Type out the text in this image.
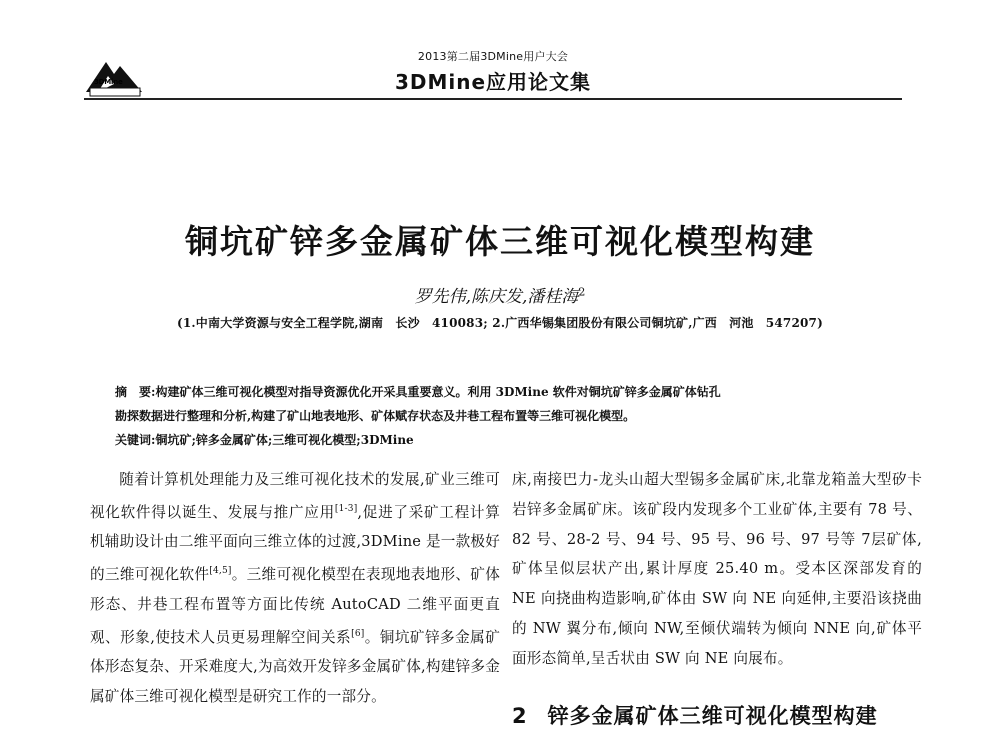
3DMine
2013第二届3DMine用户大会
3DMine应用论文集
铜坑矿锌多金属矿体三维可视化模型构建
罗先伟,陈庆发,潘桂海$^2$
(1.中南大学资源与安全工程学院,湖南　长沙　410083; 2.广西华锡集团股份有限公司铜坑矿,广西　河池　547207)

摘　要:构建矿体三维可视化模型对指导资源优化开采具重要意义。利用 3DMine 软件对铜坑矿锌多金属矿体钻孔

勘探数据进行整理和分析,构建了矿山地表地形、矿体赋存状态及井巷工程布置等三维可视化模型。

关键词:铜坑矿;锌多金属矿体;三维可视化模型;3DMine

随着计算机处理能力及三维可视化技术的发展,矿业三维可视化软件得以诞生、发展与推广应用[1-3],促进了采矿工程计算机辅助设计由二维平面向三维立体的过渡,3DMine 是一款极好的三维可视化软件[4,5]。三维可视化模型在表现地表地形、矿体形态、井巷工程布置等方面比传统 AutoCAD 二维平面更直观、形象,使技术人员更易理解空间关系[6]。铜坑矿锌多金属矿体形态复杂、开采难度大,为高效开发锌多金属矿体,构建锌多金属矿体三维可视化模型是研究工作的一部分。

床,南接巴力-龙头山超大型锡多金属矿床,北靠龙箱盖大型矽卡岩锌多金属矿床。该矿段内发现多个工业矿体,主要有 78 号、82 号、28-2 号、94 号、95 号、96 号、97 号等 7层矿体,矿体呈似层状产出,累计厚度 25.40 m。受本区深部发育的 NE 向挠曲构造影响,矿体由 SW 向 NE 向延伸,主要沿该挠曲的 NW 翼分布,倾向 NW,至倾伏端转为倾向 NNE 向,矿体平面形态简单,呈舌状由 SW 向 NE 向展布。

2 锌多金属矿体三维可视化模型构建
